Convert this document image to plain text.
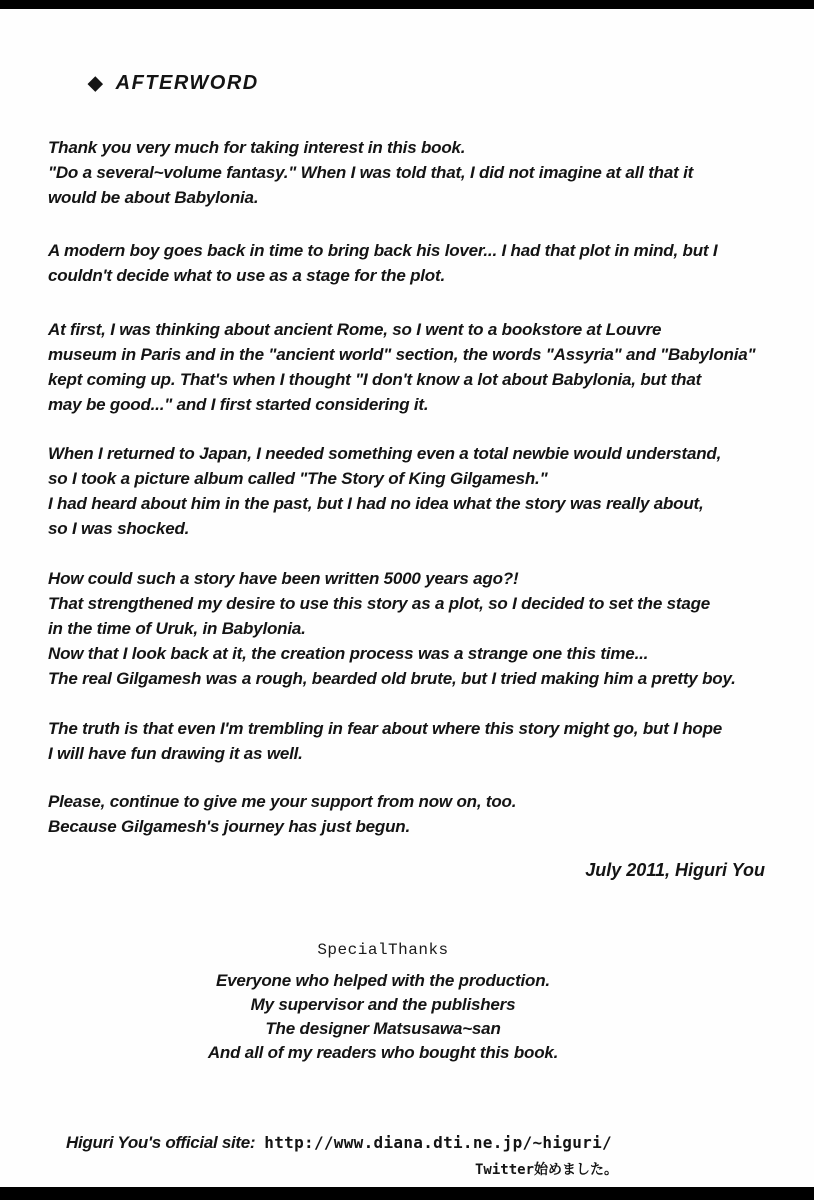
◆ AFTERWORD
Thank you very much for taking interest in this book.
"Do a several~volume fantasy." When I was told that, I did not imagine at all that it
would be about Babylonia.
A modern boy goes back in time to bring back his lover... I had that plot in mind, but I
couldn't decide what to use as a stage for the plot.
At first, I was thinking about ancient Rome, so I went to a bookstore at Louvre
museum in Paris and in the "ancient world" section, the words "Assyria" and "Babylonia"
kept coming up. That's when I thought "I don't know a lot about Babylonia, but that
may be good..." and I first started considering it.
When I returned to Japan, I needed something even a total newbie would understand,
so I took a picture album called "The Story of King Gilgamesh."
I had heard about him in the past, but I had no idea what the story was really about,
so I was shocked.
How could such a story have been written 5000 years ago?!
That strengthened my desire to use this story as a plot, so I decided to set the stage
in the time of Uruk, in Babylonia.
Now that I look back at it, the creation process was a strange one this time...
The real Gilgamesh was a rough, bearded old brute, but I tried making him a pretty boy.
The truth is that even I'm trembling in fear about where this story might go, but I hope
I will have fun drawing it as well.
Please, continue to give me your support from now on, too.
Because Gilgamesh's journey has just begun.
July 2011, Higuri You
SpecialThanks
Everyone who helped with the production.
My supervisor and the publishers
The designer Matsusawa~san
And all of my readers who bought this book.
Higuri You's official site: http://www.diana.dti.ne.jp/~higuri/
Twitter始めました。
